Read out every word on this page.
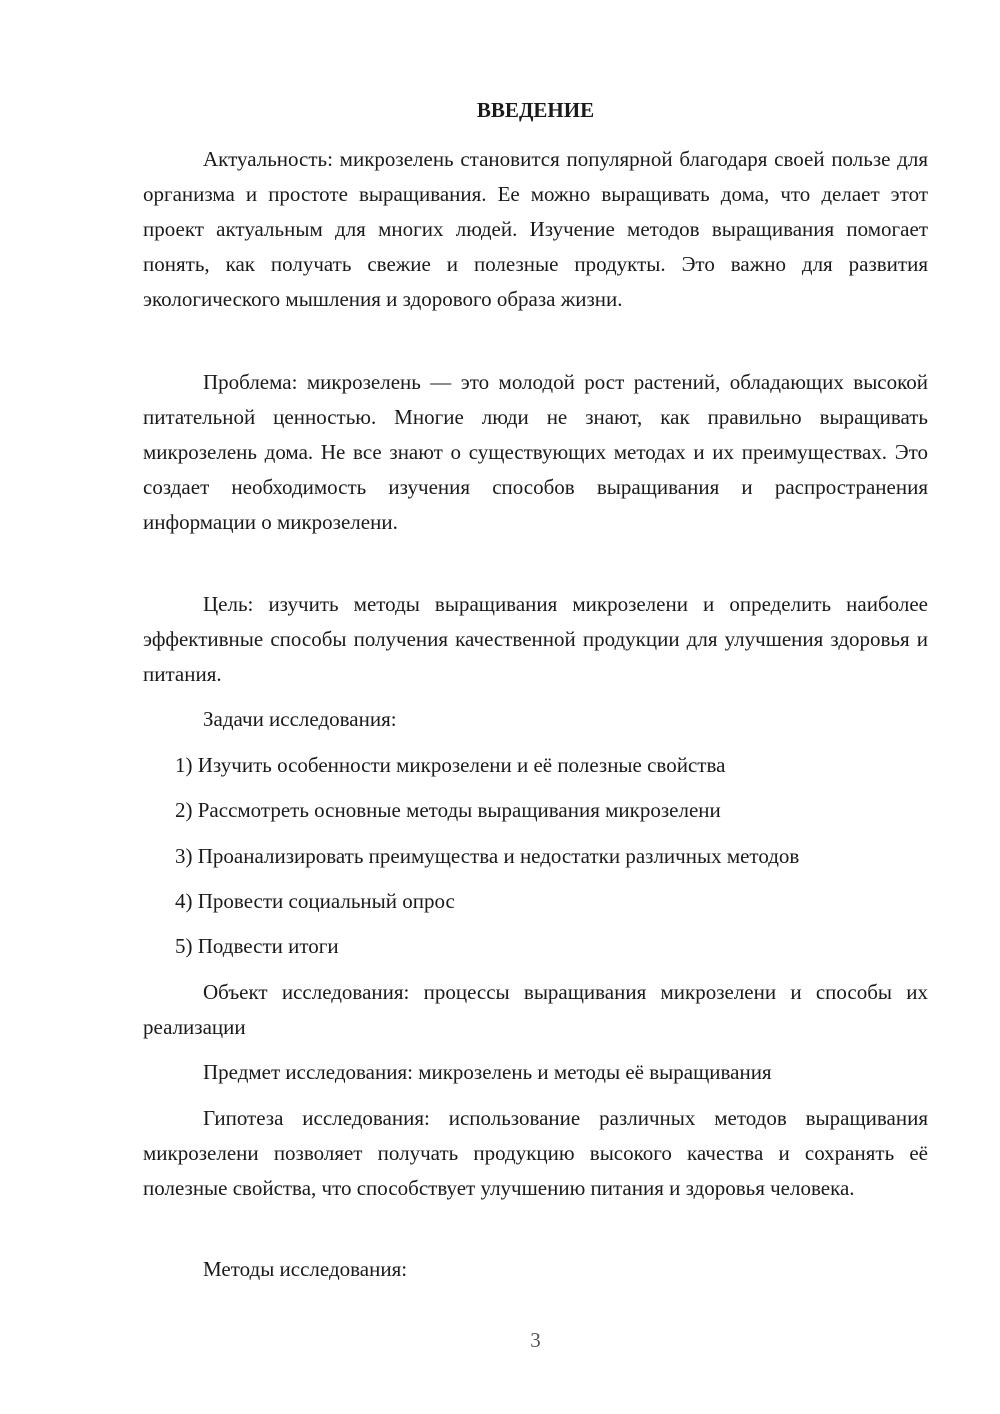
ВВЕДЕНИЕ

Актуальность: микрозелень становится популярной благодаря своей пользе для организма и простоте выращивания. Ее можно выращивать дома, что делает этот проект актуальным для многих людей. Изучение методов выращивания помогает понять, как получать свежие и полезные продукты. Это важно для развития экологического мышления и здорового образа жизни.

Проблема: микрозелень — это молодой рост растений, обладающих высокой питательной ценностью. Многие люди не знают, как правильно выращивать микрозелень дома. Не все знают о существующих методах и их преимуществах. Это создает необходимость изучения способов выращивания и распространения информации о микрозелени.

Цель: изучить методы выращивания микрозелени и определить наиболее эффективные способы получения качественной продукции для улучшения здоровья и питания.

Задачи исследования:

1) Изучить особенности микрозелени и её полезные свойства

2) Рассмотреть основные методы выращивания микрозелени

3) Проанализировать преимущества и недостатки различных методов

4) Провести социальный опрос

5) Подвести итоги

Объект исследования: процессы выращивания микрозелени и способы их реализации

Предмет исследования: микрозелень и методы её выращивания

Гипотеза исследования: использование различных методов выращивания микрозелени позволяет получать продукцию высокого качества и сохранять её полезные свойства, что способствует улучшению питания и здоровья человека.

Методы исследования:

3
